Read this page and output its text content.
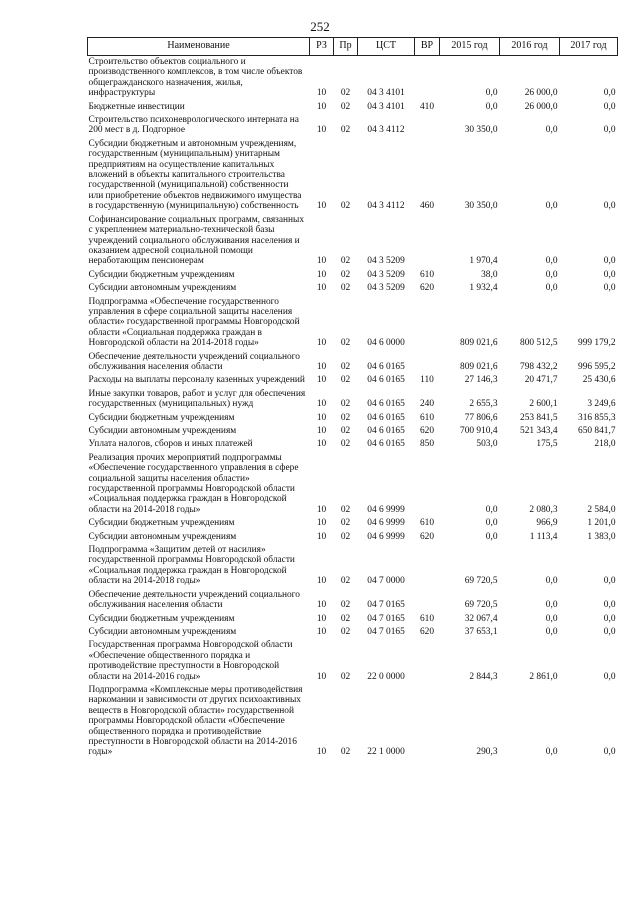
252
Наименование	РЗ	Пр	ЦСТ	ВР	2015 год	2016 год	2017 год
Строительство объектов социального и производственного комплексов, в том числе объектов общегражданского назначения, жилья, инфраструктуры	10	02	04 3 4101		0,0	26 000,0	0,0
Бюджетные инвестиции	10	02	04 3 4101	410	0,0	26 000,0	0,0
Строительство психоневрологического интерната на 200 мест в д. Подгорное	10	02	04 3 4112		30 350,0	0,0	0,0
Субсидии бюджетным и автономным учреждениям, государственным (муниципальным) унитарным предприятиям на осуществление капитальных вложений в объекты капитального строительства государственной (муниципальной) собственности или приобретение объектов недвижимого имущества в государственную (муниципальную) собственность	10	02	04 3 4112	460	30 350,0	0,0	0,0
Софинансирование социальных программ, связанных с укреплением материально-технической базы учреждений социального обслуживания населения и оказанием адресной социальной помощи неработающим пенсионерам	10	02	04 3 5209		1 970,4	0,0	0,0
Субсидии бюджетным учреждениям	10	02	04 3 5209	610	38,0	0,0	0,0
Субсидии автономным учреждениям	10	02	04 3 5209	620	1 932,4	0,0	0,0
Подпрограмма «Обеспечение государственного управления в сфере социальной защиты населения области» государственной программы Новгородской области «Социальная поддержка граждан в Новгородской области на 2014-2018 годы»	10	02	04 6 0000		809 021,6	800 512,5	999 179,2
Обеспечение деятельности учреждений социального обслуживания населения области	10	02	04 6 0165		809 021,6	798 432,2	996 595,2
Расходы на выплаты персоналу казенных учреждений	10	02	04 6 0165	110	27 146,3	20 471,7	25 430,6
Иные закупки товаров, работ и услуг для обеспечения государственных (муниципальных) нужд	10	02	04 6 0165	240	2 655,3	2 600,1	3 249,6
Субсидии бюджетным учреждениям	10	02	04 6 0165	610	77 806,6	253 841,5	316 855,3
Субсидии автономным учреждениям	10	02	04 6 0165	620	700 910,4	521 343,4	650 841,7
Уплата налогов, сборов и иных платежей	10	02	04 6 0165	850	503,0	175,5	218,0
Реализация прочих мероприятий подпрограммы «Обеспечение государственного управления в сфере социальной защиты населения области» государственной программы Новгородской области «Социальная поддержка граждан в Новгородской области на 2014-2018 годы»	10	02	04 6 9999		0,0	2 080,3	2 584,0
Субсидии бюджетным учреждениям	10	02	04 6 9999	610	0,0	966,9	1 201,0
Субсидии автономным учреждениям	10	02	04 6 9999	620	0,0	1 113,4	1 383,0
Подпрограмма «Защитим детей от насилия» государственной программы Новгородской области «Социальная поддержка граждан в Новгородской области на 2014-2018 годы»	10	02	04 7 0000		69 720,5	0,0	0,0
Обеспечение деятельности учреждений социального обслуживания населения области	10	02	04 7 0165		69 720,5	0,0	0,0
Субсидии бюджетным учреждениям	10	02	04 7 0165	610	32 067,4	0,0	0,0
Субсидии автономным учреждениям	10	02	04 7 0165	620	37 653,1	0,0	0,0
Государственная программа Новгородской области «Обеспечение общественного порядка и противодействие преступности в Новгородской области на 2014-2016 годы»	10	02	22 0 0000		2 844,3	2 861,0	0,0
Подпрограмма «Комплексные меры противодействия наркомании и зависимости от других психоактивных веществ в Новгородской области» государственной программы Новгородской области «Обеспечение общественного порядка и противодействие преступности в Новгородской области на 2014-2016 годы»	10	02	22 1 0000		290,3	0,0	0,0
